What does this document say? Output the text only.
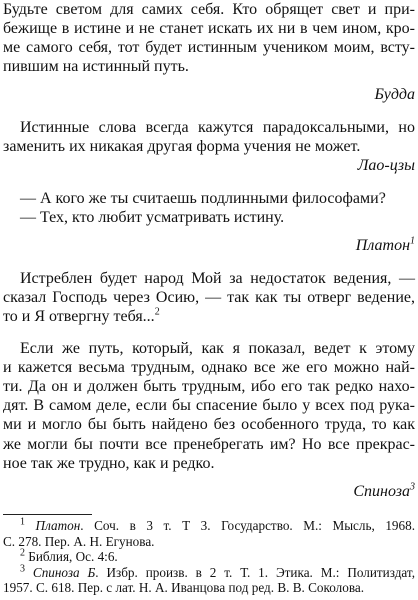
Будьте светом для самих себя. Кто обрящет свет и при-
бежище в истине и не станет искать их ни в чем ином, кро-
ме самого себя, тот будет истинным учеником моим, всту-
пившим на истинный путь.
Будда
Истинные слова всегда кажутся парадоксальными, но
заменить их никакая другая форма учения не может.
Лао-цзы
— А кого же ты считаешь подлинными философами?
— Тех, кто любит усматривать истину.
Платон$^1$
Истреблен будет народ Мой за недостаток ведения, —
сказал Господь через Осию, — так как ты отверг ведение,
то и Я отвергну тебя...$^2$
Если же путь, который, как я показал, ведет к этому
и кажется весьма трудным, однако все же его можно най-
ти. Да он и должен быть трудным, ибо его так редко нахо-
дят. В самом деле, если бы спасение было у всех под рука-
ми и могло бы быть найдено без особенного труда, то как
же могли бы почти все пренебрегать им? Но все прекрас-
ное так же трудно, как и редко.
Спиноза$^3$
$^1$ Платон. Соч. в 3 т. Т 3. Государство. М.: Мысль, 1968.
С. 278. Пер. А. Н. Егунова.
$^2$ Библия, Ос. 4:6.
$^3$ Спиноза Б. Избр. произв. в 2 т. Т. 1. Этика. М.: Политиздат,
1957. С. 618. Пер. с лат. Н. А. Иванцова под ред. В. В. Соколова.
